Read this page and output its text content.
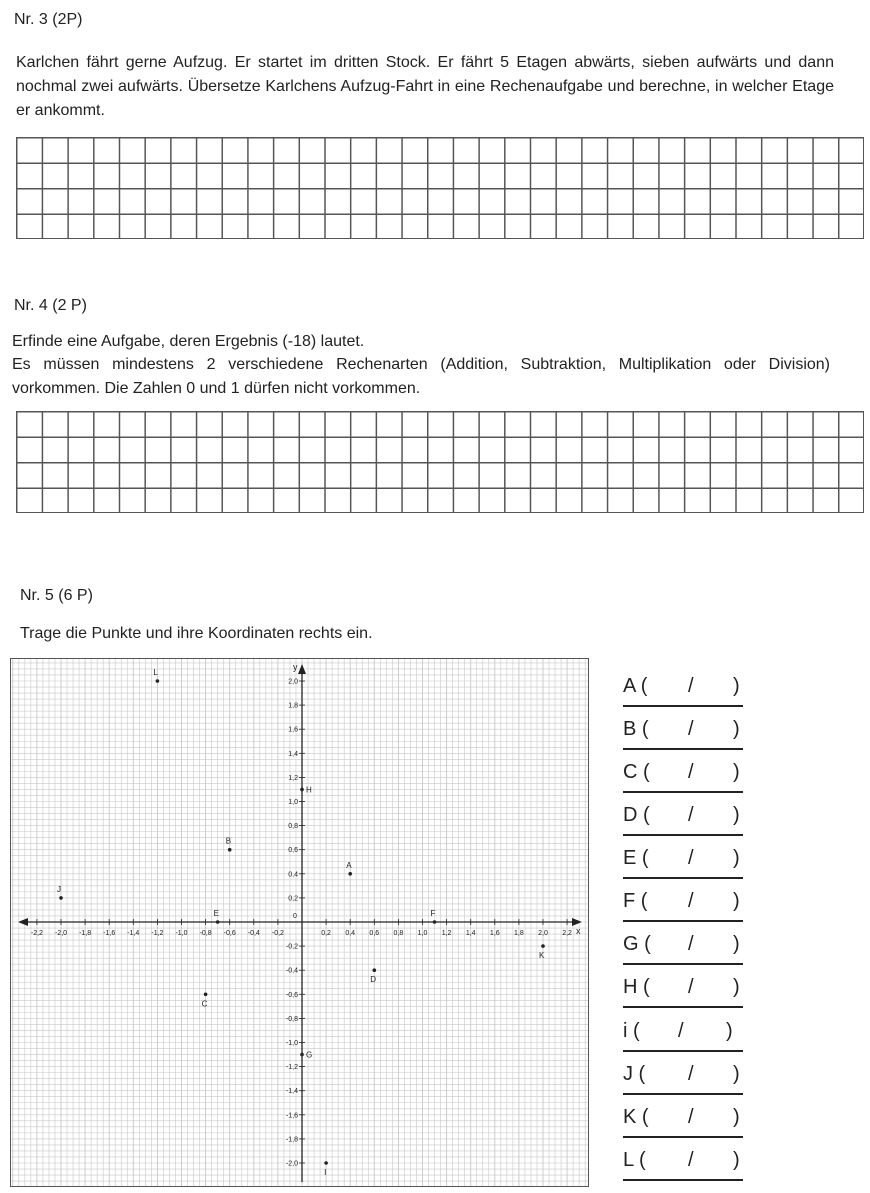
Nr. 3 (2P)
Karlchen fährt gerne Aufzug. Er startet im dritten Stock. Er fährt 5 Etagen abwärts, sieben aufwärts und dann nochmal zwei aufwärts. Übersetze Karlchens Aufzug-Fahrt in eine Rechenaufgabe und berechne, in welcher Etage er ankommt.
Nr. 4 (2 P)
Erfinde eine Aufgabe, deren Ergebnis (-18) lautet.
Es müssen mindestens 2 verschiedene Rechenarten (Addition, Subtraktion, Multiplikation oder Division) vorkommen. Die Zahlen 0 und 1 dürfen nicht vorkommen.
Nr. 5 (6 P)
Trage die Punkte und ihre Koordinaten rechts ein.
x
y
-2,2 -2,0 -1,8 -1,6 -1,4 -1,2 -1,0 -0,8 -0,6 -0,4 -0,2	0,2 0,4 0,6 0,8 1,0 1,2 1,4 1,6 1,8 2,0 2,2
0
2,0
1,8
1,6
1,4
1,2
1,0
0,8
0,6
0,4
0,2
-0,2
-0,4
-0,6
-0,8
-1,0
-1,2
-1,4
-1,6
-1,8
-2,0
A
B
C
D
E	F
G
H
I
J
K
L
A ( / )
B ( / )
C ( / )
D ( / )
E ( / )
F ( / )
G ( / )
H ( / )
i ( / )
J ( / )
K ( / )
L ( / )
